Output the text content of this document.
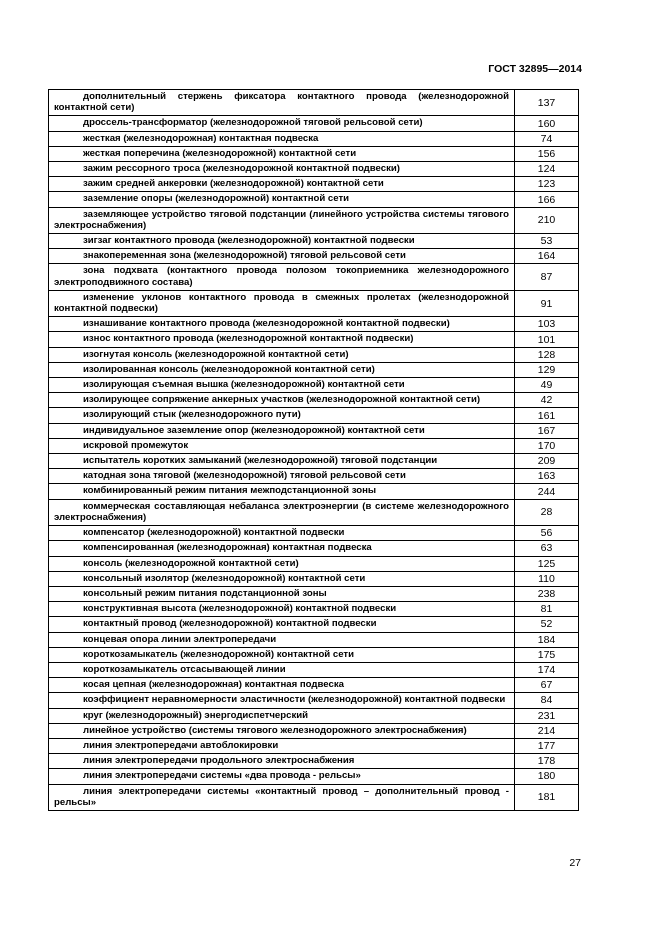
ГОСТ 32895—2014
дополнительный стержень фиксатора контактного провода (железнодорожной контактной сети)	137
дроссель-трансформатор (железнодорожной тяговой рельсовой сети)	160
жесткая (железнодорожная) контактная подвеска	74
жесткая поперечина (железнодорожной) контактной сети	156
зажим рессорного троса (железнодорожной контактной подвески)	124
зажим средней анкеровки (железнодорожной) контактной сети	123
заземление опоры (железнодорожной) контактной сети	166
заземляющее устройство тяговой подстанции (линейного устройства системы тягового электроснабжения)	210
зигзаг контактного провода (железнодорожной) контактной подвески	53
знакопеременная зона (железнодорожной) тяговой рельсовой сети	164
зона подхвата (контактного провода полозом токоприемника железнодорожного электроподвижного состава)	87
изменение уклонов контактного провода в смежных пролетах (железнодорожной контактной подвески)	91
изнашивание контактного провода (железнодорожной контактной подвески)	103
износ контактного провода (железнодорожной контактной подвески)	101
изогнутая консоль (железнодорожной контактной сети)	128
изолированная консоль (железнодорожной контактной сети)	129
изолирующая съемная вышка (железнодорожной) контактной сети	49
изолирующее сопряжение анкерных участков (железнодорожной контактной сети)	42
изолирующий стык (железнодорожного пути)	161
индивидуальное заземление опор (железнодорожной) контактной сети	167
искровой промежуток	170
испытатель коротких замыканий (железнодорожной) тяговой подстанции	209
катодная зона тяговой (железнодорожной) тяговой рельсовой сети	163
комбинированный режим питания межподстанционной зоны	244
коммерческая составляющая небаланса электроэнергии (в системе железнодорожного электроснабжения)	28
компенсатор (железнодорожной) контактной подвески	56
компенсированная (железнодорожная) контактная подвеска	63
консоль (железнодорожной контактной сети)	125
консольный изолятор (железнодорожной) контактной сети	110
консольный режим питания подстанционной зоны	238
конструктивная высота (железнодорожной) контактной подвески	81
контактный провод (железнодорожной) контактной подвески	52
концевая опора линии электропередачи	184
короткозамыкатель (железнодорожной) контактной сети	175
короткозамыкатель отсасывающей линии	174
косая цепная (железнодорожная) контактная подвеска	67
коэффициент неравномерности эластичности (железнодорожной) контактной подвески	84
круг (железнодорожный) энергодиспетчерский	231
линейное устройство (системы тягового железнодорожного электроснабжения)	214
линия электропередачи автоблокировки	177
линия электропередачи продольного электроснабжения	178
линия электропередачи системы «два провода - рельсы»	180
линия электропередачи системы «контактный провод – дополнительный провод - рельсы»	181
27
